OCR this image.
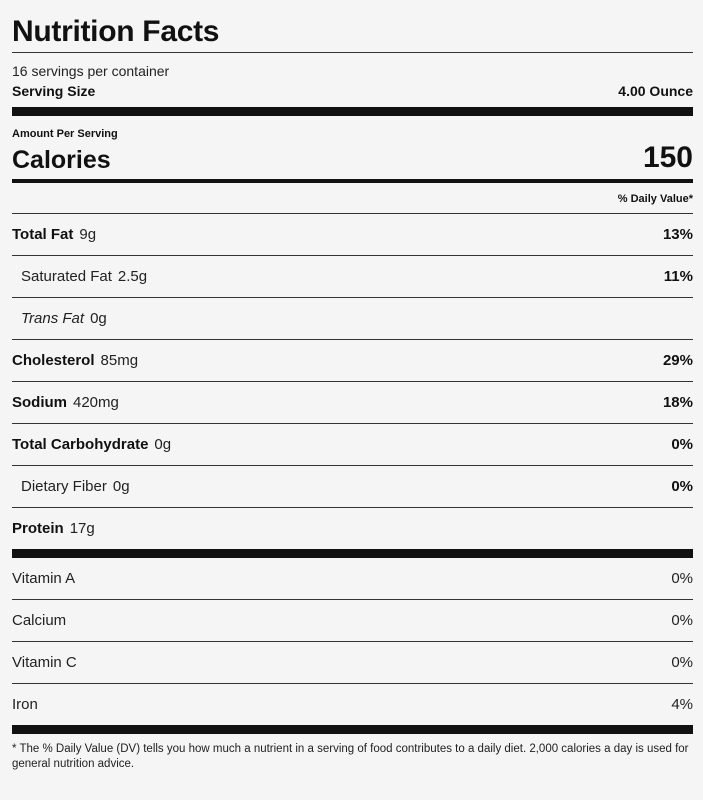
Nutrition Facts
16 servings per container
Serving Size	4.00 Ounce
Amount Per Serving
Calories	150
% Daily Value*
Total Fat 9g	13%
Saturated Fat 2.5g	11%
Trans Fat 0g
Cholesterol 85mg	29%
Sodium 420mg	18%
Total Carbohydrate 0g	0%
Dietary Fiber 0g	0%
Protein 17g
Vitamin A	0%
Calcium	0%
Vitamin C	0%
Iron	4%
* The % Daily Value (DV) tells you how much a nutrient in a serving of food contributes to a daily diet. 2,000 calories a day is used for general nutrition advice.
